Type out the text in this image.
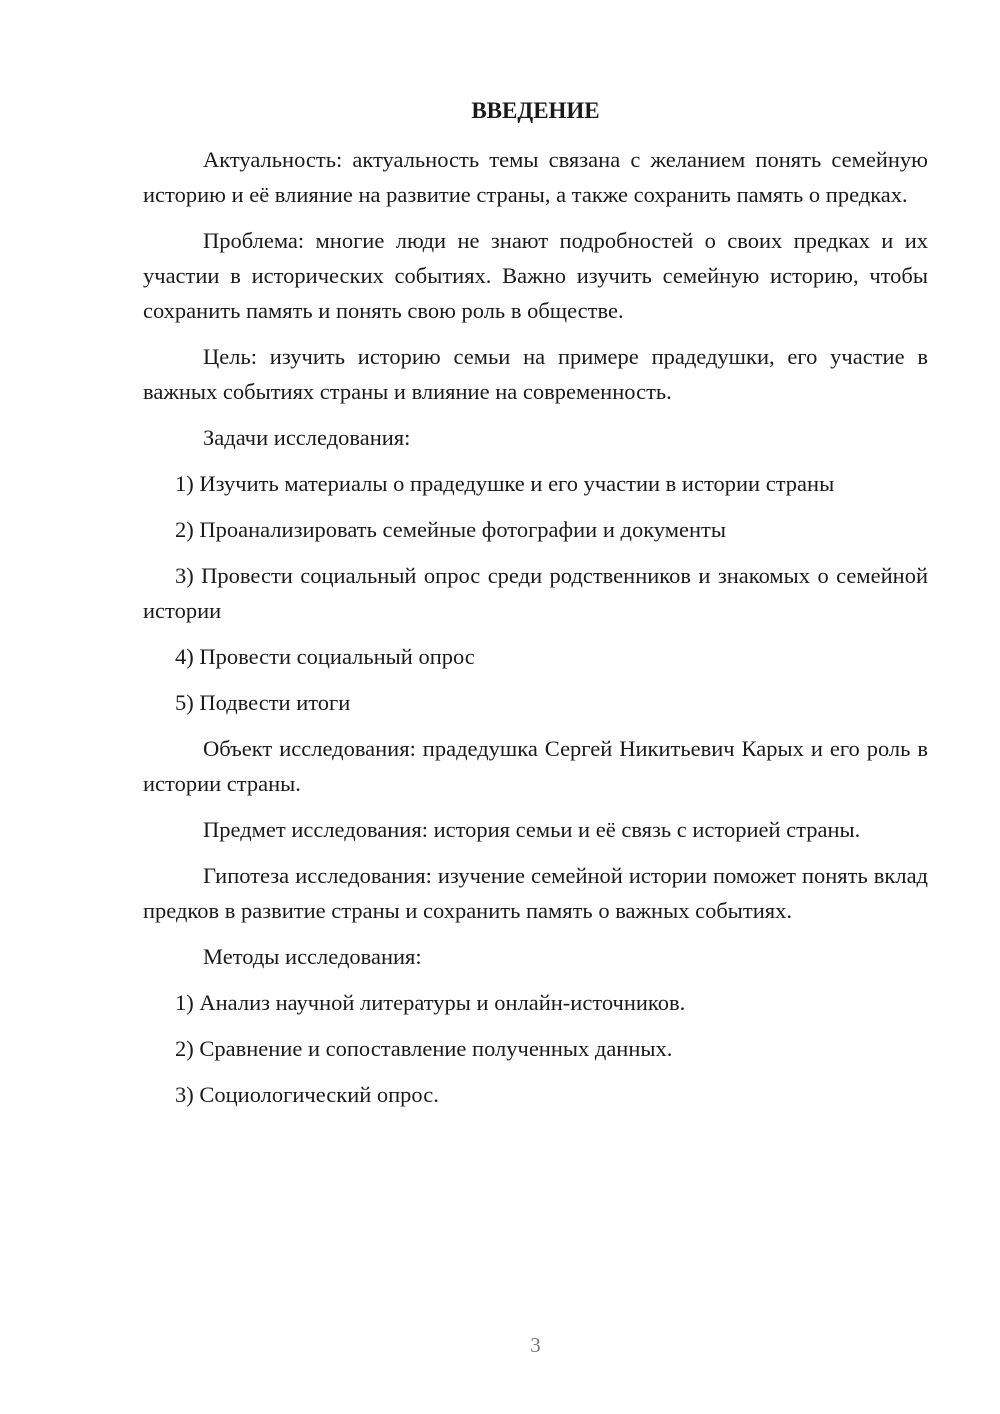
ВВЕДЕНИЕ

Актуальность: актуальность темы связана с желанием понять семейную историю и её влияние на развитие страны, а также сохранить память о предках.

Проблема: многие люди не знают подробностей о своих предках и их участии в исторических событиях. Важно изучить семейную историю, чтобы сохранить память и понять свою роль в обществе.

Цель: изучить историю семьи на примере прадедушки, его участие в важных событиях страны и влияние на современность.

Задачи исследования:

1) Изучить материалы о прадедушке и его участии в истории страны

2) Проанализировать семейные фотографии и документы

3) Провести социальный опрос среди родственников и знакомых о семейной истории

4) Провести социальный опрос

5) Подвести итоги

Объект исследования: прадедушка Сергей Никитьевич Карых и его роль в истории страны.

Предмет исследования: история семьи и её связь с историей страны.

Гипотеза исследования: изучение семейной истории поможет понять вклад предков в развитие страны и сохранить память о важных событиях.

Методы исследования:

1) Анализ научной литературы и онлайн-источников.

2) Сравнение и сопоставление полученных данных.

3) Социологический опрос.

3
